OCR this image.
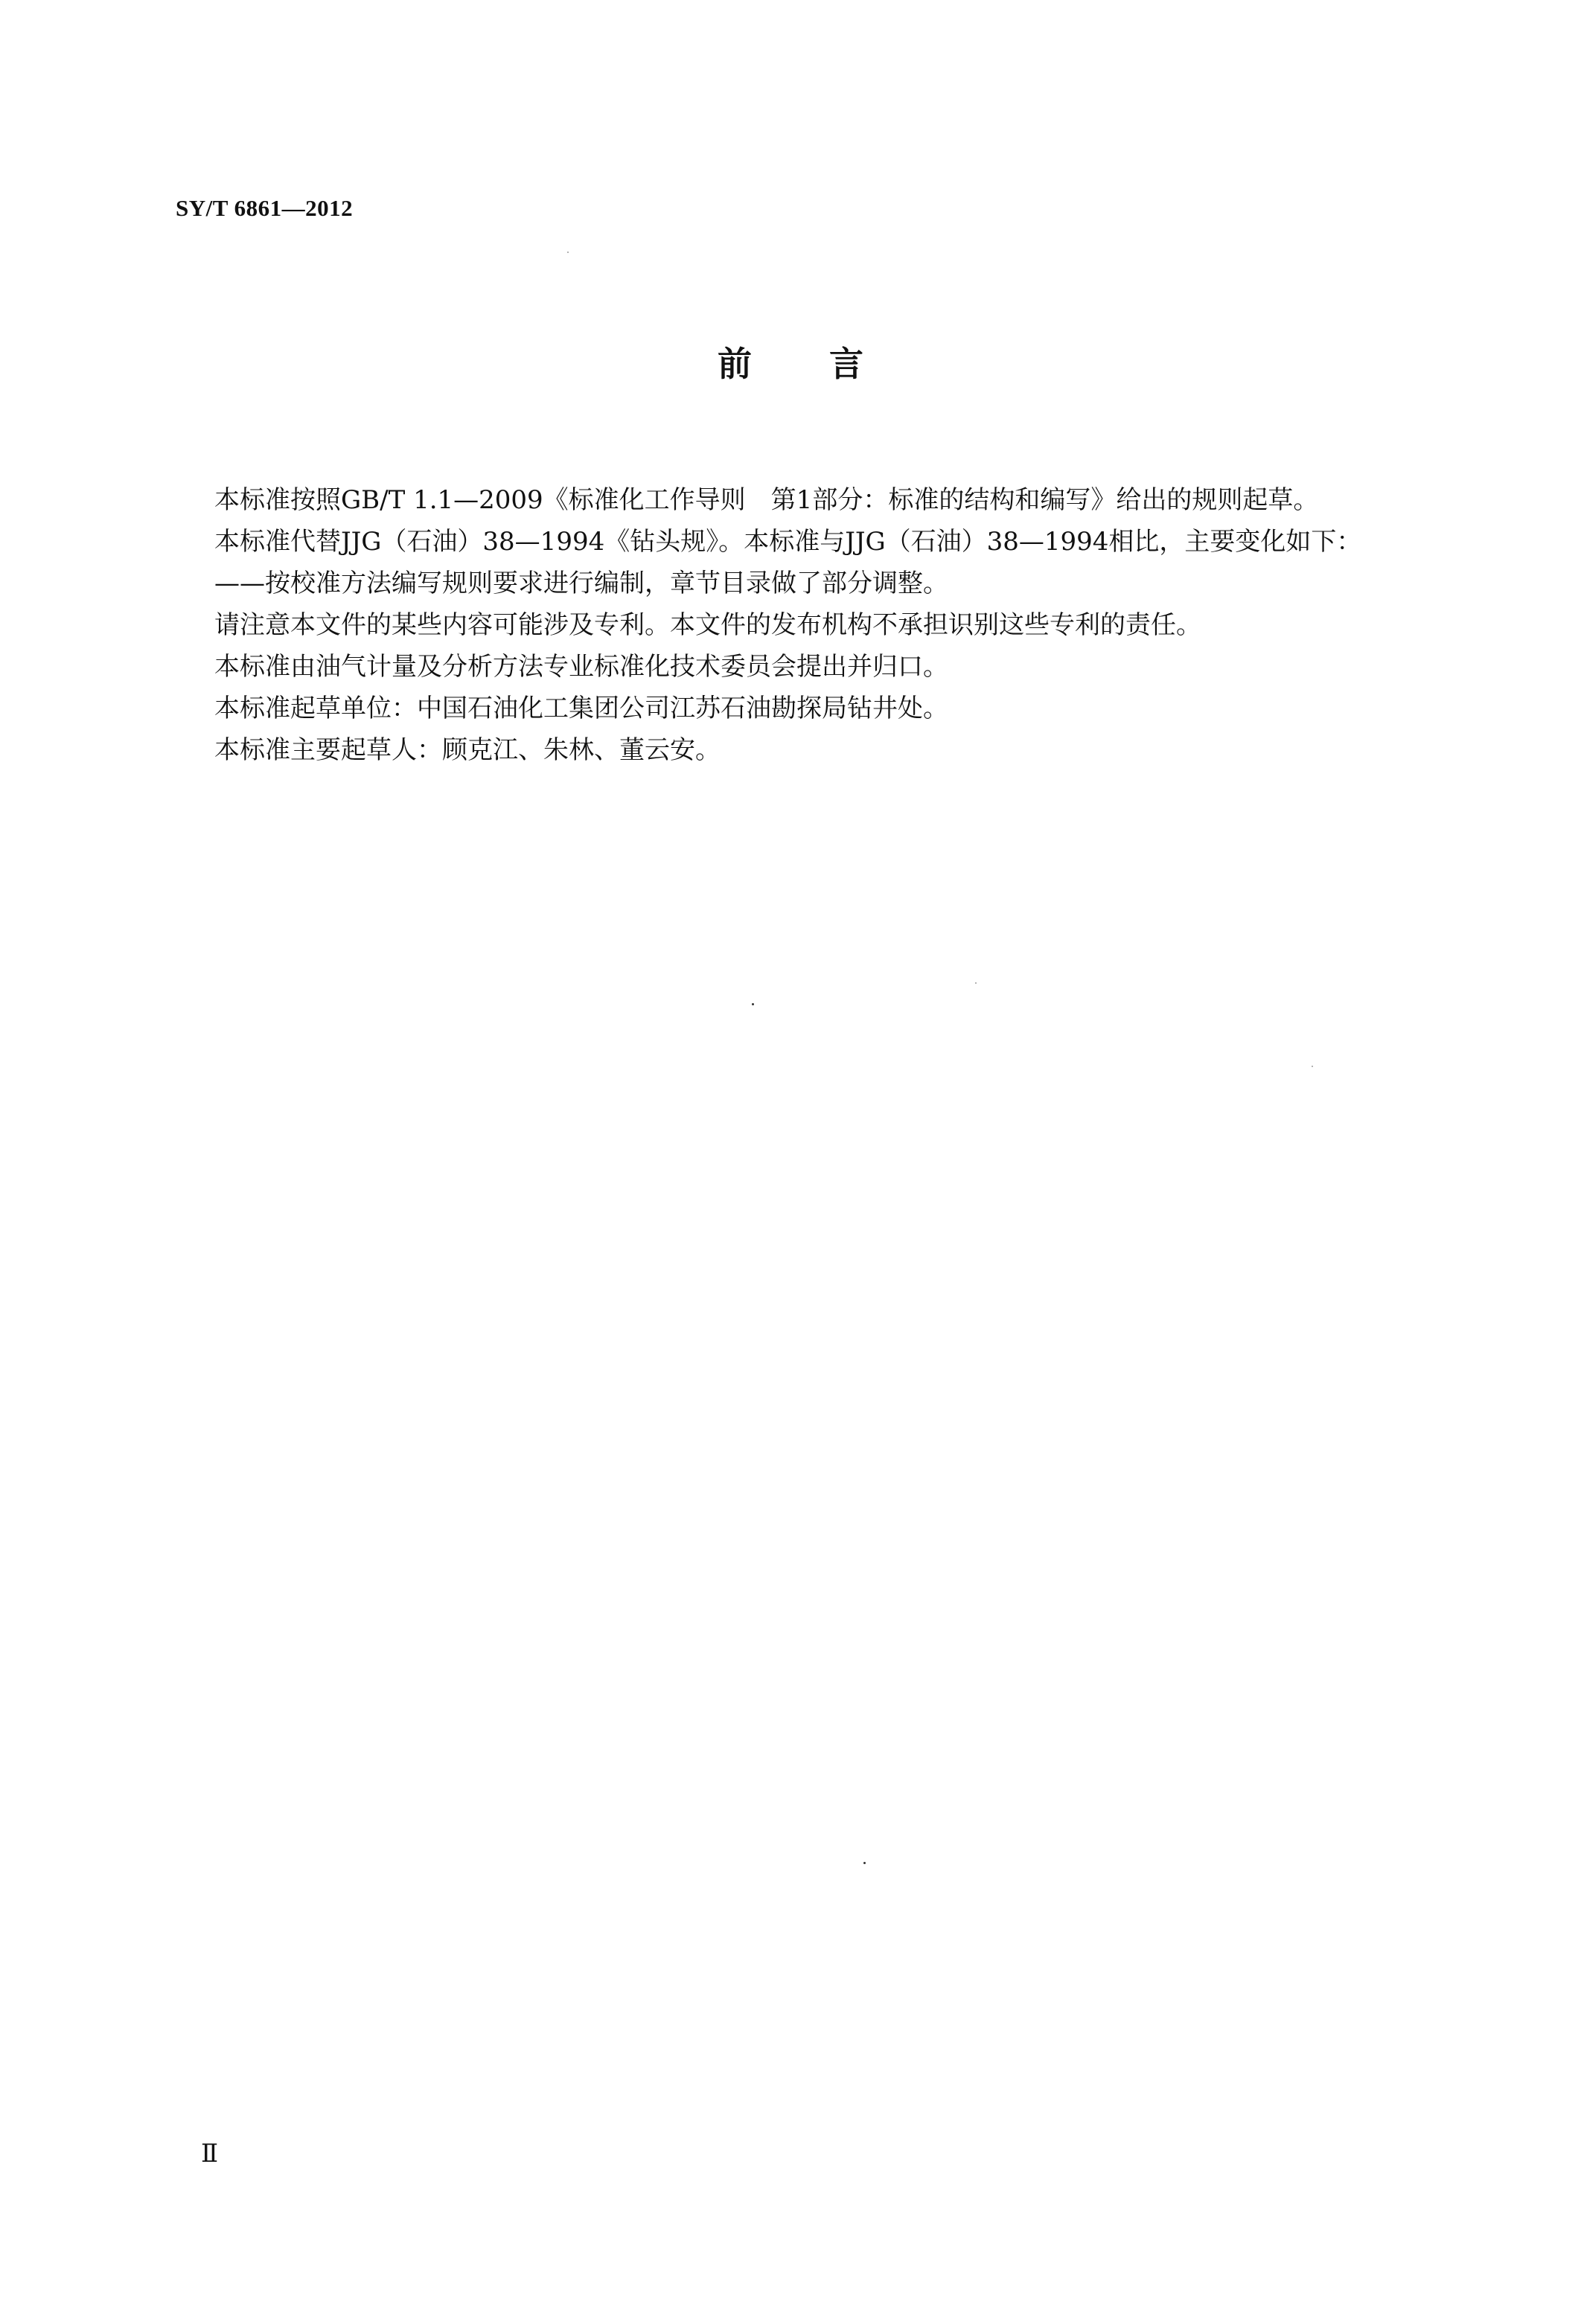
SY/T 6861—2012
前 言

本标准按照GB/T 1.1—2009《标准化工作导则　第1部分：标准的结构和编写》给出的规则起草。

本标准代替JJG（石油）38—1994《钻头规》。本标准与JJG（石油）38—1994相比，主要变化如下：

——按校准方法编写规则要求进行编制，章节目录做了部分调整。

请注意本文件的某些内容可能涉及专利。本文件的发布机构不承担识别这些专利的责任。

本标准由油气计量及分析方法专业标准化技术委员会提出并归口。

本标准起草单位：中国石油化工集团公司江苏石油勘探局钻井处。

本标准主要起草人：顾克江、朱林、董云安。

Ⅱ
